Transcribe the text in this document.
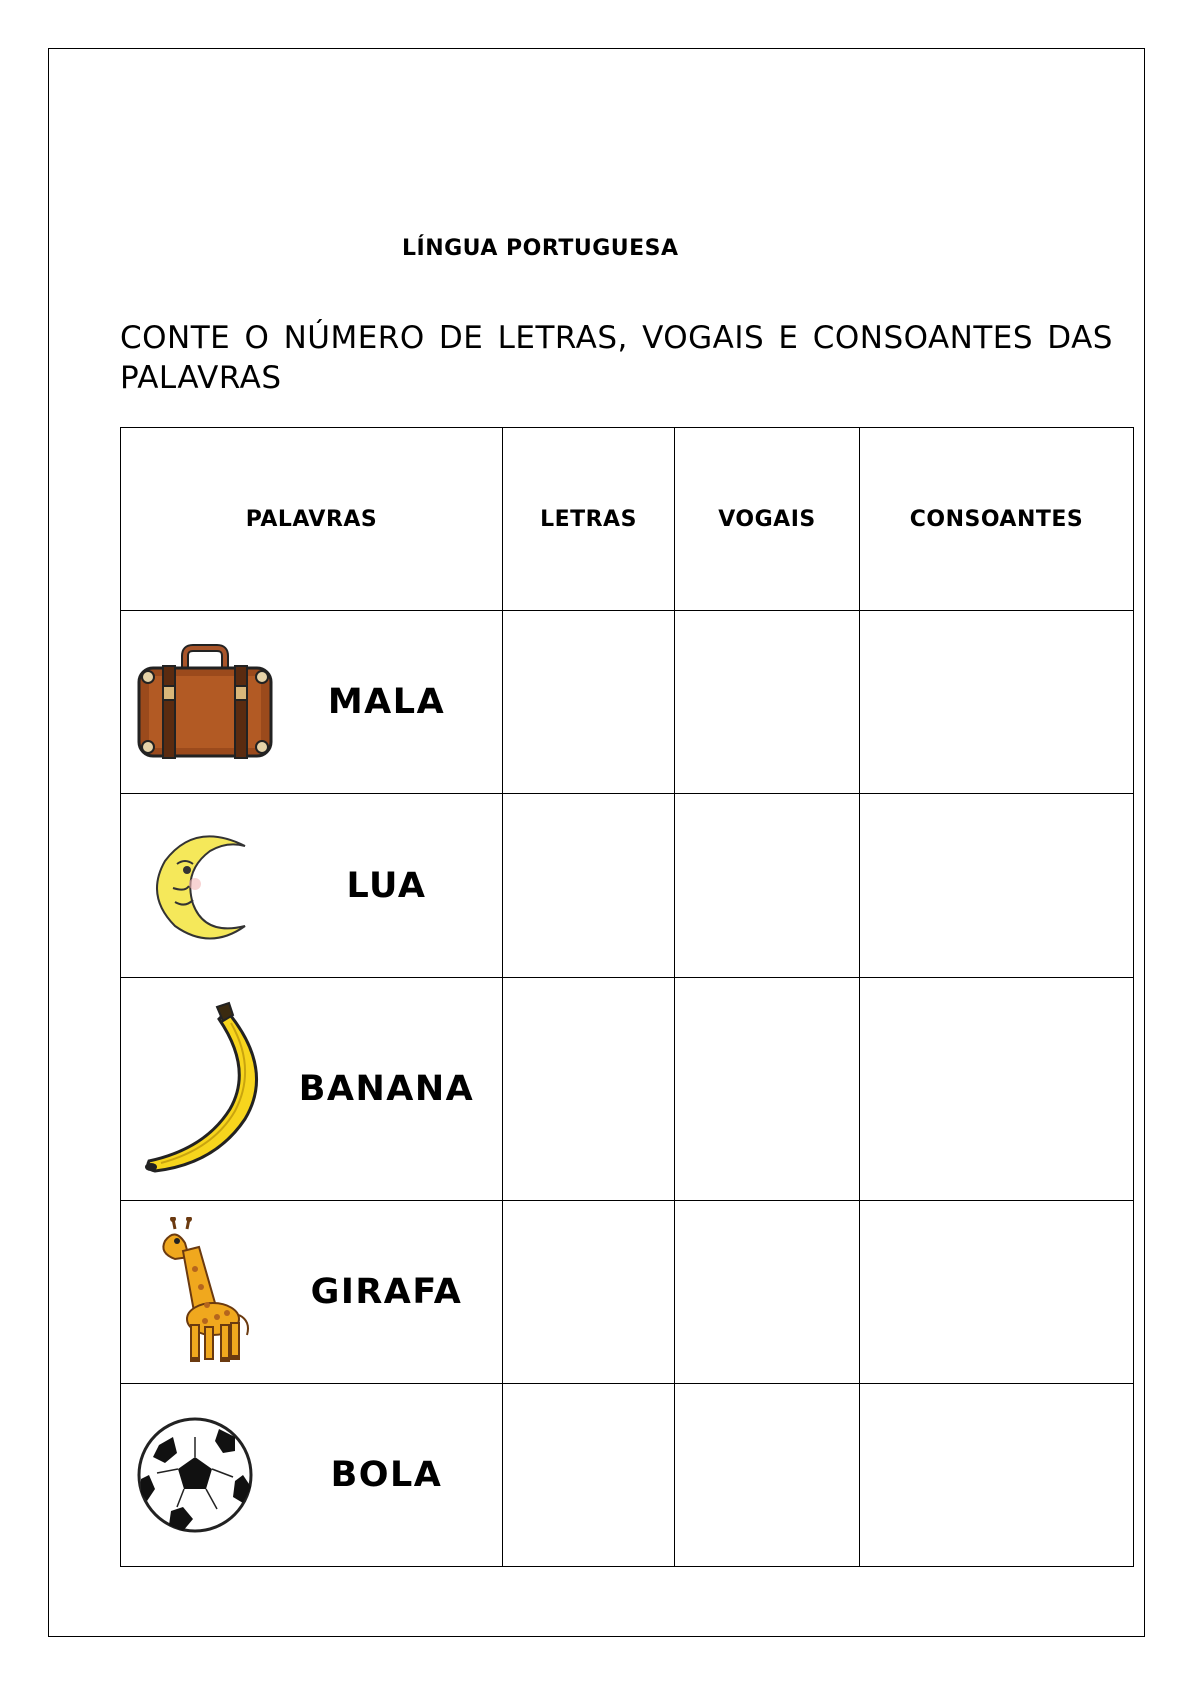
LÍNGUA PORTUGUESA

CONTE O NÚMERO DE LETRAS, VOGAIS E CONSOANTES DAS PALAVRAS

PALAVRAS	LETRAS	VOGAIS	CONSOANTES

MALA			

LUA			

BANANA			

GIRAFA			

BOLA			
